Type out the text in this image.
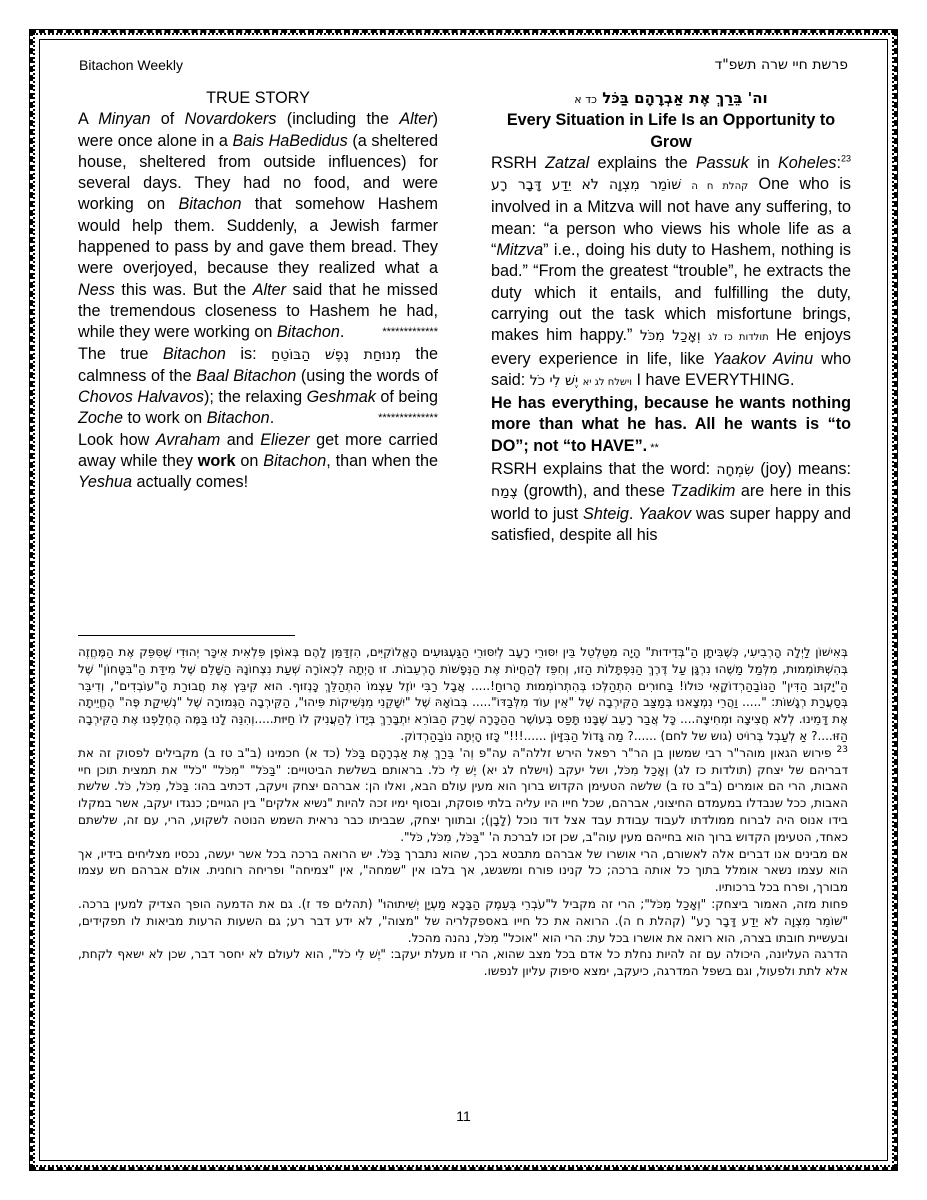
Bitachon Weekly	פרשת חיי שרה תשפ"ד

TRUE STORY

A Minyan of Novardokers (including the Alter) were once alone in a Bais HaBedidus (a sheltered house, sheltered from outside influences) for several days. They had no food, and were working on Bitachon that somehow Hashem would help them. Suddenly, a Jewish farmer happened to pass by and gave them bread. They were overjoyed, because they realized what a Ness this was. But the Alter said that he missed the tremendous closeness to Hashem he had, while they were working on Bitachon.	*************

The true Bitachon is: מְנוּחַת נֶפֶשׁ הַבּוֹטֵחַ the calmness of the Baal Bitachon (using the words of Chovos Halvavos); the relaxing Geshmak of being Zoche to work on Bitachon.	**************

Look how Avraham and Eliezer get more carried away while they work on Bitachon, than when the Yeshua actually comes!

וה' בֵּרַךְ אֶת אַבְרָהָם בַּכֹּל כד א

Every Situation in Life Is an Opportunity to Grow

RSRH Zatzal explains the Passuk in Koheles:$^{23}$ שׁוֹמֵר מִצְוָה לֹא יֵדַע דָּבָר רָע קהלת ח ה One who is involved in a Mitzva will not have any suffering, to mean: “a person who views his whole life as a “Mitzva” i.e., doing his duty to Hashem, nothing is bad.” “From the greatest “trouble”, he extracts the duty which it entails, and fulfilling the duty, carrying out the task which misfortune brings, makes him happy.”	תולדות כז לג וְאָכַל מִכֹּל	He enjoys every experience in life, like Yaakov Avinu who said:	וישלח לג יא יֶשׁ לִי כֹל	I have EVERYTHING.

He has everything, because he wants nothing more than what he has. All he wants is “to DO”; not “to HAVE”. **

RSRH explains that the word: שִׂמְחָה (joy) means: צֶמַח (growth), and these Tzadikim are here in this world to just Shteig. Yaakov was super happy and satisfied, despite all his

בְּאִישׁוֹן לַיְלָה הָרְבִיעִי, כְּשֶׁבִּיתָן הַ"בְּדִידוּת" הָיָה מִטַּלְטֵל בֵּין יִסּוּרֵי רָעָב לְיִסּוּרֵי הַגַּעְגּוּעִים הָאֱלוֹקִיִּים, הִזְדַּמֵּן לָהֶם בְּאוֹפֶן פִּלְאִית אִיכָּר יְהוּדִי שֶׁסִּפֵּק אֶת הַמֶּחֱזֶה בְּהִשְׁתּוֹמְמוּת, מִלְּמַל מַשֶּׁהוּ נִרְגָּן עַל דֶּרֶךְ הַנִּפְתָּלוֹת הַזוּ, וְחִפֵּז לְהַחֲיוֹת אֶת הַנְּפָשׁוֹת הָרְעֵבוֹת. זוּ הָיְתָה לִכְאוֹרָה שְׁעַת נִצְחוֹנָהּ הַשָּׁלֵם שֶׁל מִידַּת הַ"בִּטָּחוֹן" שֶׁל הַ"יָקוּב הַדִּין" הַנּוֹבַהַרְדוֹקָאִי כּוּלוֹ! בַּחוּרִים הִתְהַלְּכוּ בְּהִתְרוֹמְמוּת הָרוּחַ!..... אֲבָל רַבִּי יוֹזֶל עַצְמוֹ הִתְהַלֵּךְ כָּנְזוּף. הוּא קִיבֵּץ אֶת חֲבוּרַת הָ"עוֹבְדִים", וְדִיבֵּר בְּסַעֲרַת רְגָשׁוֹת: "..... וַהֲרֵי נִמְצָאנוּ בְּמַצַּב הַקִּירְבָה שֶׁל "אֵין עוֹד מִלְּבַדּוֹ"..... בְּבוֹאָהּ שֶׁל "יִשָּׁקֵנִי מִנְּשִׁיקוֹת פִּיהוּ", הַקִּירְבָה הַגְּמוּרָה שֶׁל "נְשִׁיקַת פֶּה" הֶחֱיֵיתָה אֶת דָּמֵינוּ. לְלֹא חֲצִיצָה וּמְחִיצָה.... כָּל אֲבַר רָעֵב שֶׁבָּנוּ תָּפַס בְּעוֹשֶׁר הַהַכָּרָה שֶׁרַק הַבּוֹרֵא יִתְבָּרֵךְ בְּיָדוֹ לְהַעֲנִיק לוֹ חַיּוּת.....וְהִנֵּה לָנוּ בַּמֶּה הֶחְלַפְנוּ אֶת הַקִּירְבָה הַזּוּ....? אַ לְעַבְל בְּרוֹיט (גוש של לחם) ......? מַה גָּדוֹל הַבִּזָּיוֹן ......!!!" כָּזוּ הָיְתָה נוֹבַהַרְדוֹק.

$^{23}$ פירוש הגאון מוהר"ר רבי שמשון בן הר"ר רפאל הירש זללה"ה עה"פ וְה' בֵּרַךְ אֶת אַבְרָהָם בַּכֹּל (כד א) חכמינו (ב"ב טז ב) מקבילים לפסוק זה את דבריהם של יצחק (תולדות כז לג) וְאָכַל מִכֹּל, ושל יעקב (וישלח לג יא) יֶשׁ לִי כֹל. בראותם בשלשת הביטויים: "בַּכֹּל" "מִכֹּל" "כֹל" את תמצית תוכן חיי האבות, הרי הם אומרים (ב"ב טז ב) שלשה הטעימן הקדוש ברוך הוא מעין עולם הבא, ואלו הן: אברהם יצחק ויעקב, דכתיב בהו: בַּכֹּל, מִכֹּל, כֹּל. שלשת האבות, ככל שנבדלו במעמדם החיצוני, אברהם, שכל חייו היו עליה בלתי פוסקת, ובסוף ימיו זכה להיות "נשיא אלקים" בין הגויים; כנגדו יעקב, אשר במקלו בידו אנוס היה לברוח ממולדתו לעבוד עבודת עבד אצל דוד נוכל (לָבָן); ובתווך יצחק, שבביתו כבר נראית השמש הנוטה לשקוע, הרי, עם זה, שלשתם כאחד, הטעימן הקדוש ברוך הוא בחייהם מעין עוה"ב, שכן זכו לברכת ה' "בַּכֹּל, מִכֹּל, כֹּל".

אם מבינים אנו דברים אלה לאשורם, הרי אושרו של אברהם מתבטא בכך, שהוא נתברך בַּכֹּל. יש הרואה ברכה בכל אשר יעשה, נכסיו מצליחים בידיו, אך הוא עצמו נשאר אומלל בתוך כל אותה ברכה; כל קנינו פורח ומשגשג, אך בלבו אין "שמחה", אין "צמיחה" ופריחה רוחנית. אולם אברהם חש עצמו מבורך, ופרח בכל ברכותיו.

פחות מזה, האמור ביצחק: "וְאָכַל מִכֹּל"; הרי זה מקביל ל"עֹבְרֵי בְּעֵמֶק הַבָּכָא מַעְיָן יְשִׁיתוּהוּ" (תהלים פד ז). גם את הדמעה הופך הצדיק למעין ברכה. "שׁוֹמֵר מִצְוָה לֹא יֵדַע דָּבָר רָע" (קהלת ח ה). הרואה את כל חייו באספקלריה של "מצוה", לא ידע דבר רע; גם השעות הרעות מביאות לו תפקידים, ובעשיית חובתו בצרה, הוא רואה את אושרו בכל עת: הרי הוא "אוכל" מִכֹּל, נהנה מהכל.

הדרגה העליונה, היכולה עם זה להיות נחלת כל אדם בכל מצב שהוא, הרי זו מעלת יעקב: "יֶשׁ לִי כֹל", הוא לעולם לא יחסר דבר, שכן לא ישאף לקחת, אלא לתת ולפעול, וגם בשפל המדרגה, כיעקב, ימצא סיפוק עליון לנפשו.

11
